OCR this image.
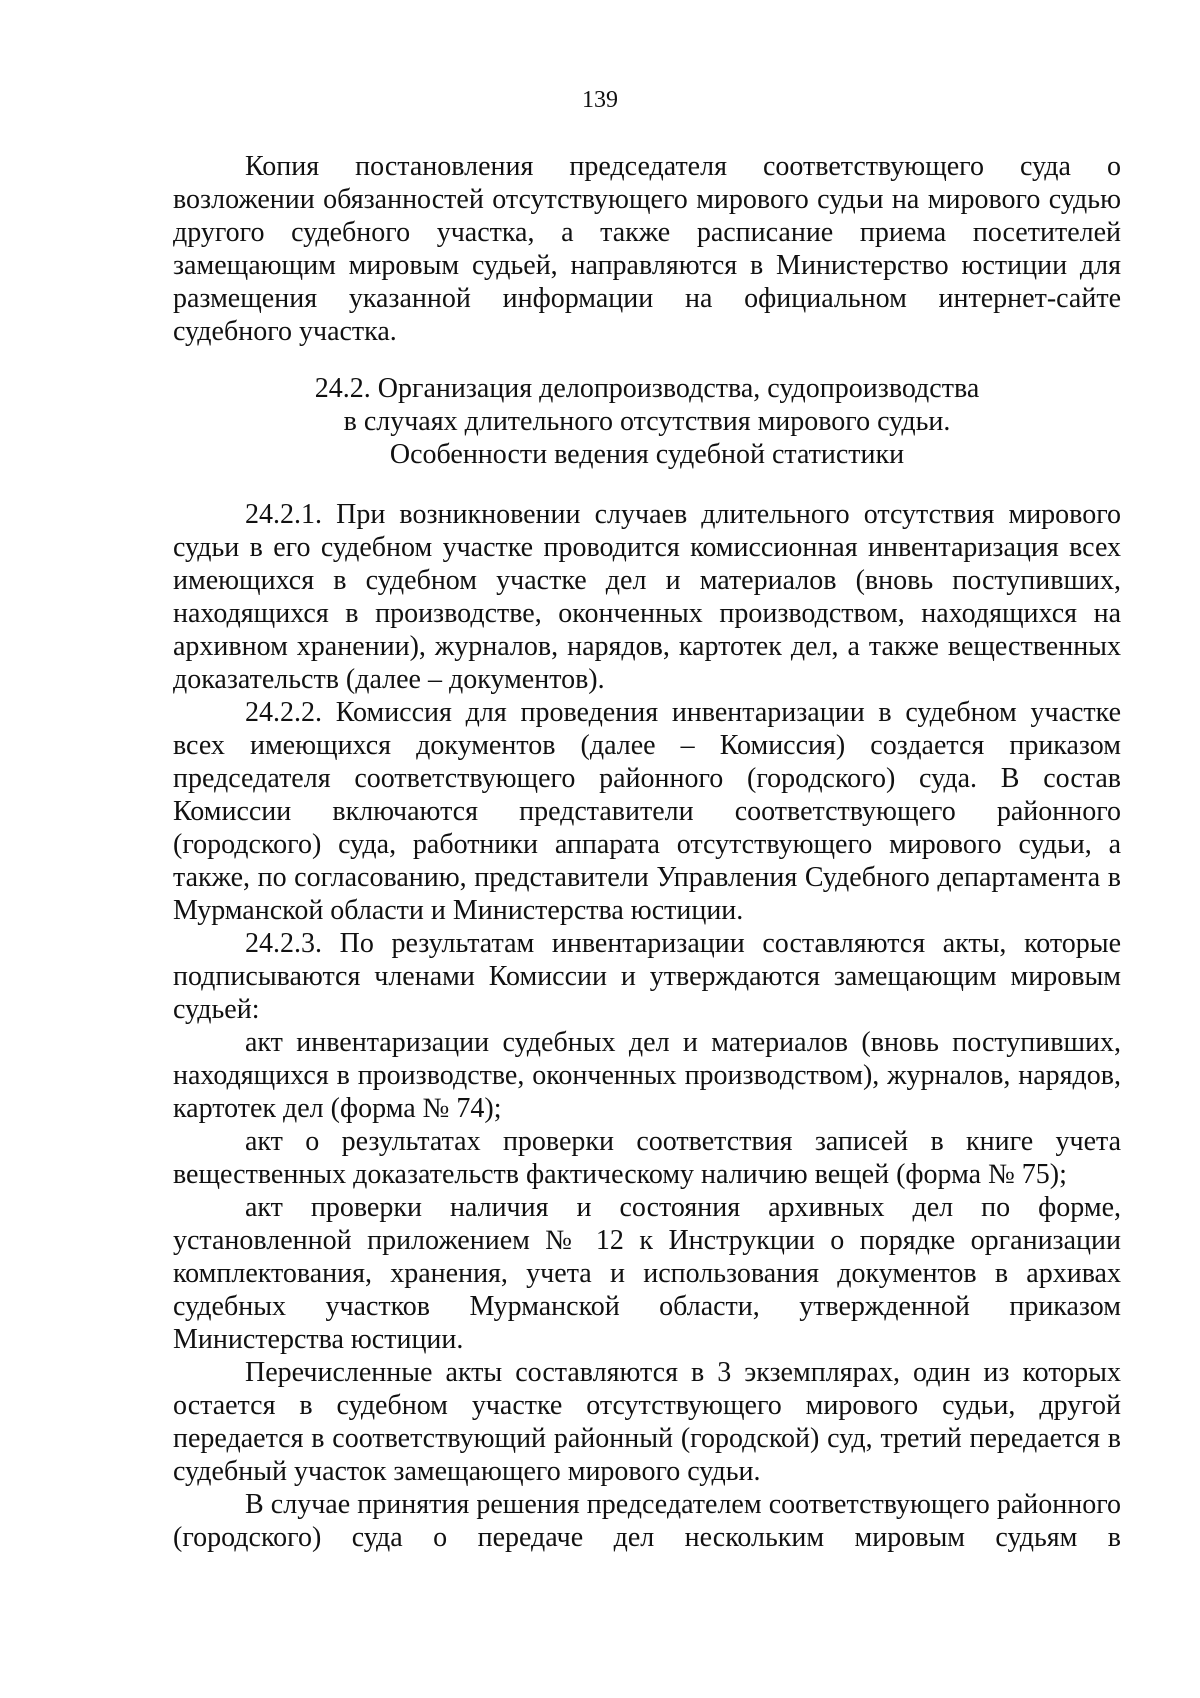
139

Копия постановления председателя соответствующего суда о возложении обязанностей отсутствующего мирового судьи на мирового судью другого судебного участка, а также расписание приема посетителей замещающим мировым судьей, направляются в Министерство юстиции для размещения указанной информации на официальном интернет-сайте судебного участка.

24.2. Организация делопроизводства, судопроизводства
в случаях длительного отсутствия мирового судьи.
Особенности ведения судебной статистики

24.2.1. При возникновении случаев длительного отсутствия мирового судьи в его судебном участке проводится комиссионная инвентаризация всех имеющихся в судебном участке дел и материалов (вновь поступивших, находящихся в производстве, оконченных производством, находящихся на архивном хранении), журналов, нарядов, картотек дел, а также вещественных доказательств (далее – документов).

24.2.2. Комиссия для проведения инвентаризации в судебном участке всех имеющихся документов (далее – Комиссия) создается приказом председателя соответствующего районного (городского) суда. В состав Комиссии включаются представители соответствующего районного (городского) суда, работники аппарата отсутствующего мирового судьи, а также, по согласованию, представители Управления Судебного департамента в Мурманской области и Министерства юстиции.

24.2.3. По результатам инвентаризации составляются акты, которые подписываются членами Комиссии и утверждаются замещающим мировым судьей:

акт инвентаризации судебных дел и материалов (вновь поступивших, находящихся в производстве, оконченных производством), журналов, нарядов, картотек дел (форма № 74);

акт о результатах проверки соответствия записей в книге учета вещественных доказательств фактическому наличию вещей (форма № 75);

акт проверки наличия и состояния архивных дел по форме, установленной приложением № 12 к Инструкции о порядке организации комплектования, хранения, учета и использования документов в архивах судебных участков Мурманской области, утвержденной приказом Министерства юстиции.

Перечисленные акты составляются в 3 экземплярах, один из которых остается в судебном участке отсутствующего мирового судьи, другой передается в соответствующий районный (городской) суд, третий передается в судебный участок замещающего мирового судьи.

В случае принятия решения председателем соответствующего районного (городского) суда о передаче дел нескольким мировым судьям в
